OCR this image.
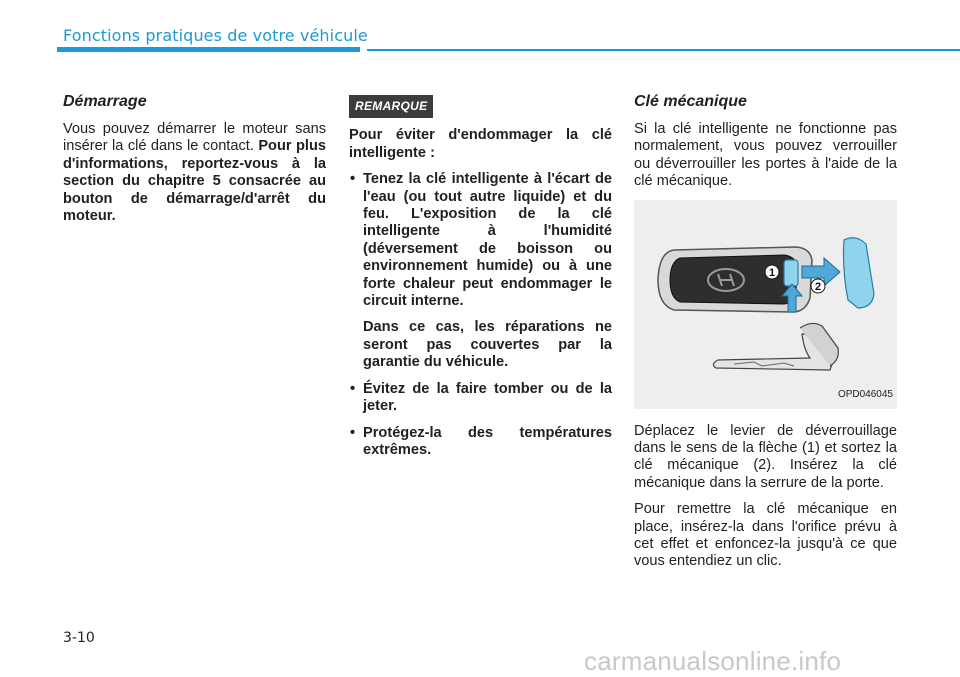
Fonctions pratiques de votre véhicule
Démarrage

Vous pouvez démarrer le moteur sans insérer la clé dans le contact. Pour plus d'informations, reportez-vous à la section du chapitre 5 consacrée au bouton de démarrage/d'arrêt du moteur.

REMARQUE

Pour éviter d'endommager la clé intelligente :

• Tenez la clé intelligente à l'écart de l'eau (ou tout autre liquide) et du feu. L'exposition de la clé intelligente à l'humidité (déversement de boisson ou environnement humide) ou à une forte chaleur peut endommager le circuit interne.

Dans ce cas, les réparations ne seront pas couvertes par la garantie du véhicule.

• Évitez de la faire tomber ou de la jeter.
• Protégez-la des températures extrêmes.
Clé mécanique

Si la clé intelligente ne fonctionne pas normalement, vous pouvez verrouiller ou déverrouiller les portes à l'aide de la clé mécanique.

1
2
OPD046045

Déplacez le levier de déverrouillage dans le sens de la flèche (1) et sortez la clé mécanique (2). Insérez la clé mécanique dans la serrure de la porte.

Pour remettre la clé mécanique en place, insérez-la dans l'orifice prévu à cet effet et enfoncez-la jusqu'à ce que vous entendiez un clic.

3-10
carmanualsonline.info
